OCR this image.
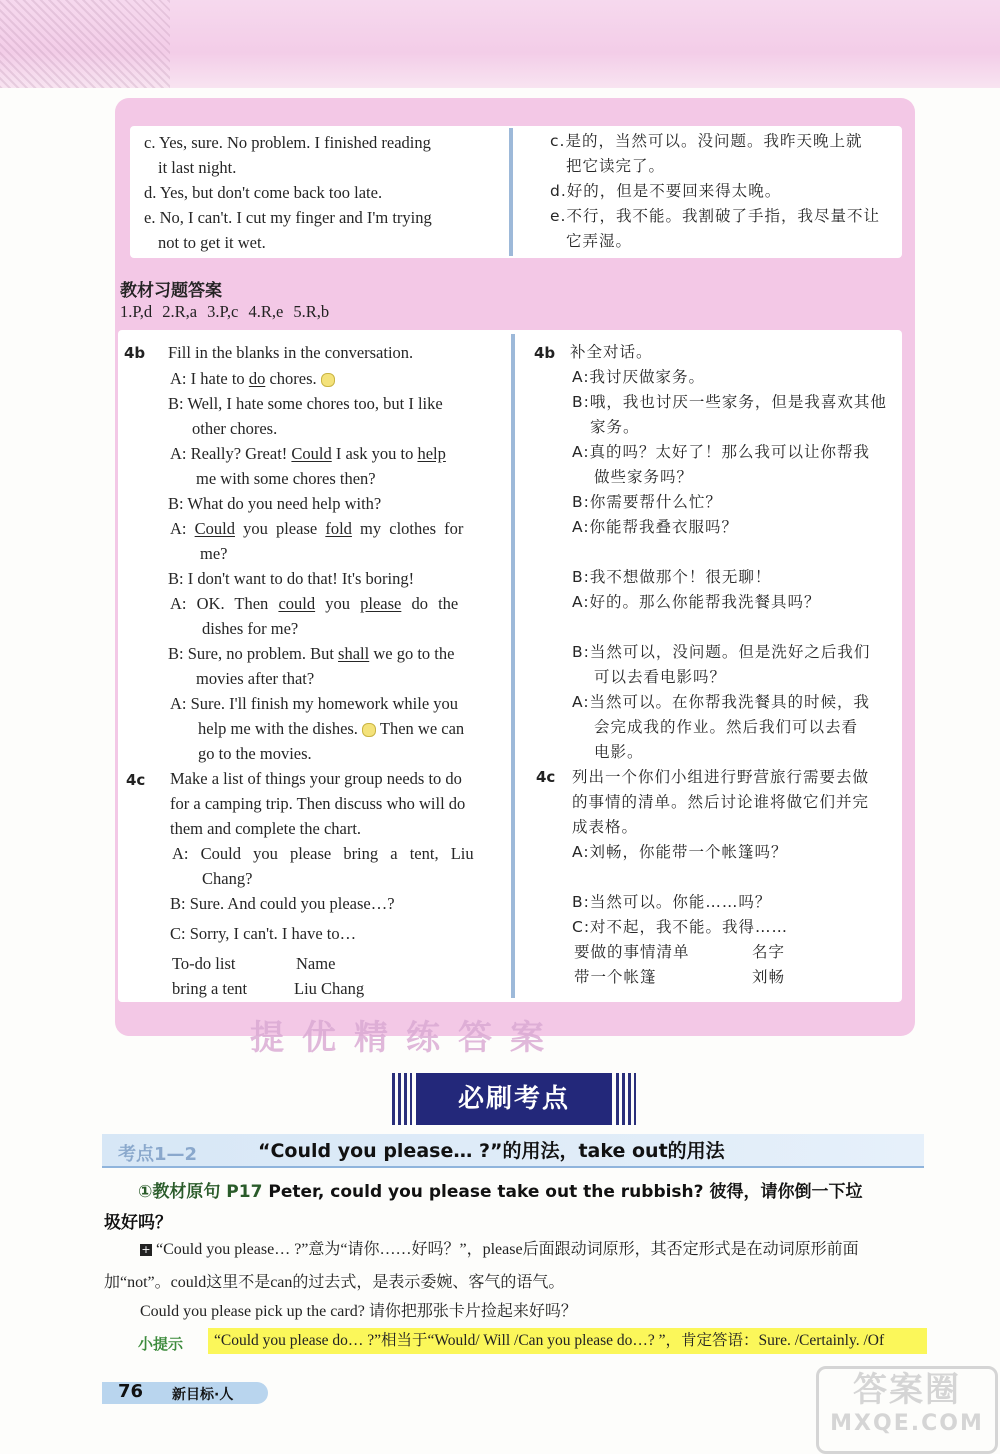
c. Yes, sure. No problem. I finished reading
it last night.
d. Yes, but don't come back too late.
e. No, I can't. I cut my finger and I'm trying
not to get it wet.
c.是的，当然可以。没问题。我昨天晚上就
把它读完了。
d.好的，但是不要回来得太晚。
e.不行，我不能。我割破了手指，我尽量不让
它弄湿。
教材习题答案
1.P,d 2.R,a 3.P,c 4.R,e 5.R,b
4b	4b
4c	4c
Fill in the blanks in the conversation.
A: I hate to do chores.
B: Well, I hate some chores too, but I like
other chores.
A: Really? Great! Could I ask you to help
me with some chores then?
B: What do you need help with?
A: Could you please fold my clothes for
me?
B: I don't want to do that! It's boring!
A: OK. Then could you please do the
dishes for me?
B: Sure, no problem. But shall we go to the
movies after that?
A: Sure. I'll finish my homework while you
help me with the dishes.  Then we can
go to the movies.
Make a list of things your group needs to do
for a camping trip. Then discuss who will do
them and complete the chart.
A: Could you please bring a tent, Liu
Chang?
B: Sure. And could you please…?
C: Sorry, I can't. I have to…
To-do list	Name
bring a tent	Liu Chang
补全对话。
A:我讨厌做家务。
B:哦，我也讨厌一些家务，但是我喜欢其他
家务。
A:真的吗？太好了！那么我可以让你帮我
做些家务吗？
B:你需要帮什么忙？
A:你能帮我叠衣服吗？
B:我不想做那个！很无聊！
A:好的。那么你能帮我洗餐具吗？
B:当然可以，没问题。但是洗好之后我们
可以去看电影吗？
A:当然可以。在你帮我洗餐具的时候，我
会完成我的作业。然后我们可以去看
电影。
列出一个你们小组进行野营旅行需要去做
的事情的清单。然后讨论谁将做它们并完
成表格。
A:刘畅，你能带一个帐篷吗？
B:当然可以。你能……吗？
C:对不起，我不能。我得……
要做的事情清单	名字
带一个帐篷	刘畅
提优精练答案
必刷考点
考点1—2	“Could you please… ?”的用法，take out的用法
①教材原句 P17 Peter, could you please take out the rubbish? 彼得，请你倒一下垃
圾好吗？
+ “Could you please… ?”意为“请你……好吗？”，please后面跟动词原形，其否定形式是在动词原形前面
加“not”。could这里不是can的过去式，是表示委婉、客气的语气。
Could you please pick up the card? 请你把那张卡片捡起来好吗？
小提示	“Could you please do… ?”相当于“Would/ Will /Can you please do…? ”，肯定答语：Sure. /Certainly. /Of
76 新目标·人	答案圈
MXQE.COM
